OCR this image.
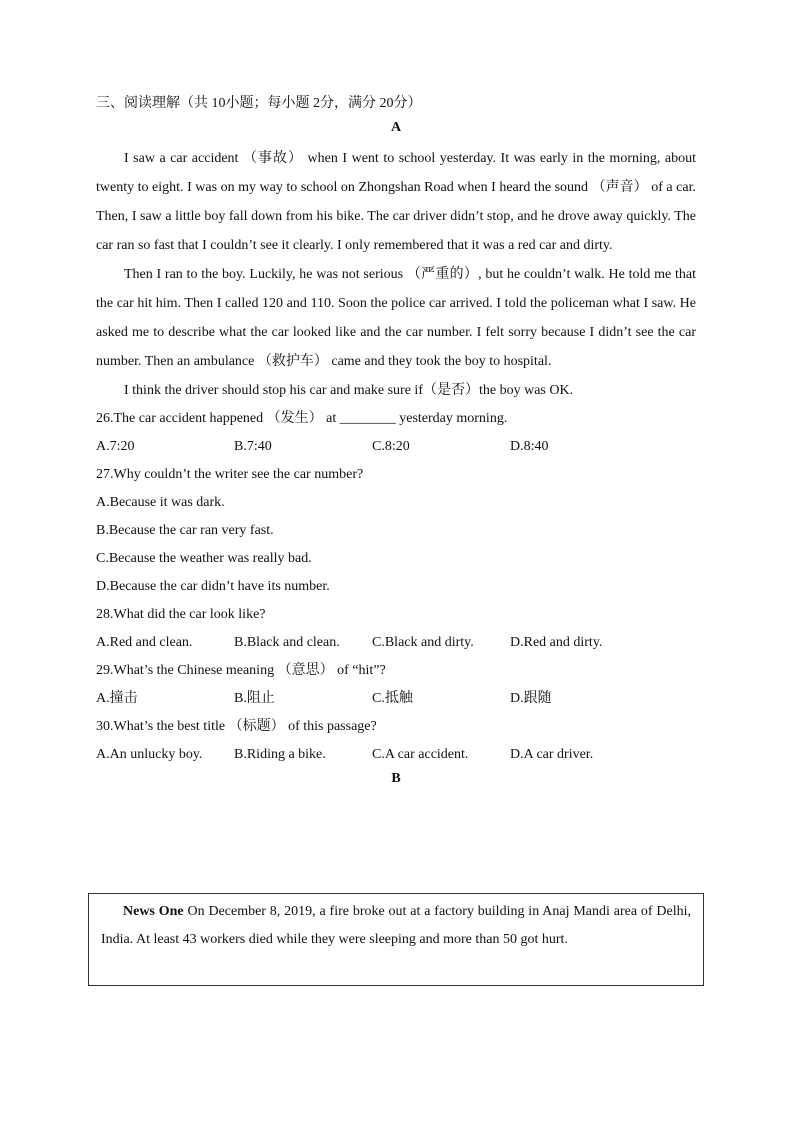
三、阅读理解（共 10小题；每小题 2分，满分 20分）
A

I saw a car accident （事故） when I went to school yesterday. It was early in the morning, about twenty to eight. I was on my way to school on Zhongshan Road when I heard the sound （声音） of a car. Then, I saw a little boy fall down from his bike. The car driver didn’t stop, and he drove away quickly. The car ran so fast that I couldn’t see it clearly. I only remembered that it was a red car and dirty.

Then I ran to the boy. Luckily, he was not serious （严重的）, but he couldn’t walk. He told me that the car hit him. Then I called 120 and 110. Soon the police car arrived. I told the policeman what I saw. He asked me to describe what the car looked like and the car number. I felt sorry because I didn’t see the car number. Then an ambulance （救护车） came and they took the boy to hospital.

I think the driver should stop his car and make sure if（是否）the boy was OK.

26.The car accident happened （发生） at ________ yesterday morning.
A.7:20	B.7:40	C.8:20	D.8:40
27.Why couldn’t the writer see the car number?
A.Because it was dark.
B.Because the car ran very fast.
C.Because the weather was really bad.
D.Because the car didn’t have its number.
28.What did the car look like?
A.Red and clean.	B.Black and clean.	C.Black and dirty.	D.Red and dirty.
29.What’s the Chinese meaning （意思） of “hit”?
A.撞击	B.阻止	C.抵触	D.跟随
30.What’s the best title （标题） of this passage?
A.An unlucky boy.	B.Riding a bike.	C.A car accident.	D.A car driver.
B

News One On December 8, 2019, a fire broke out at a factory building in Anaj Mandi area of Delhi, India. At least 43 workers died while they were sleeping and more than 50 got hurt.
